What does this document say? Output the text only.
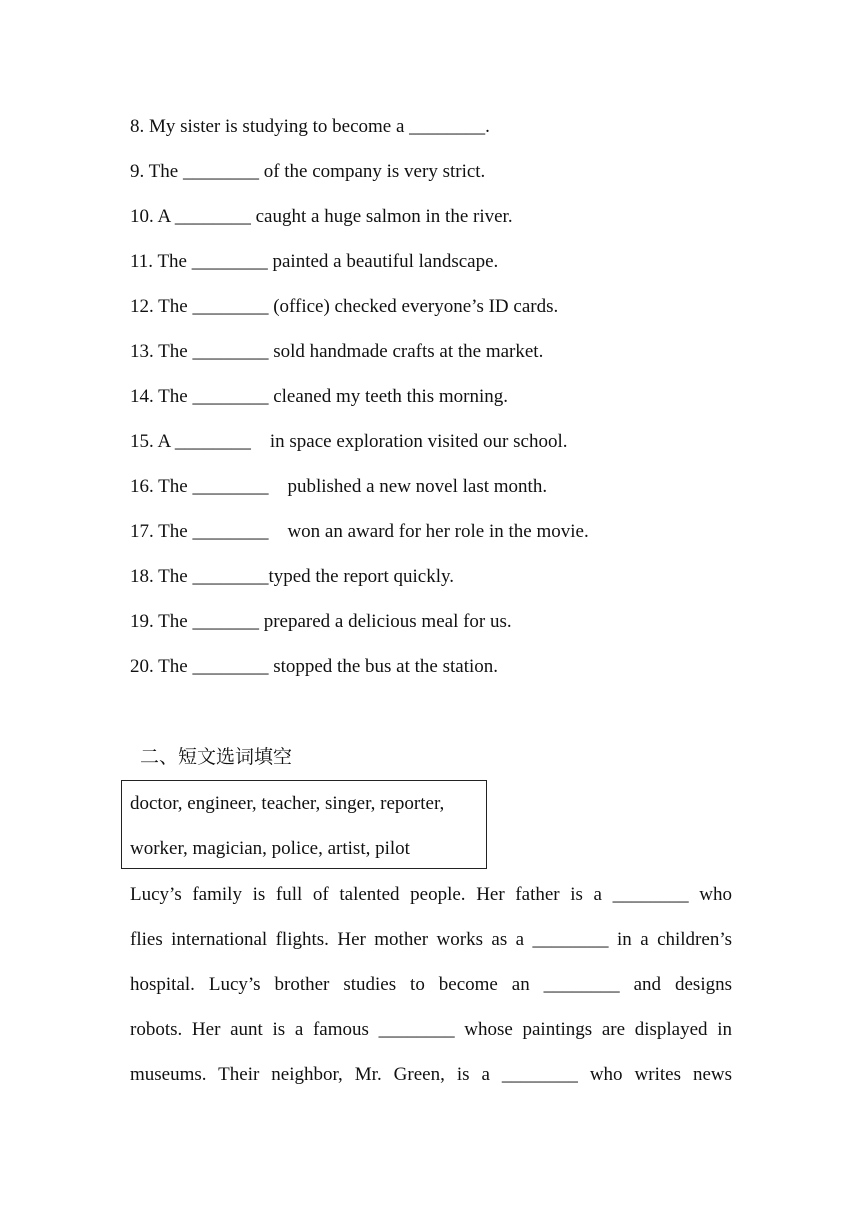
8. My sister is studying to become a ________.
9. The ________ of the company is very strict.
10. A ________ caught a huge salmon in the river.
11. The ________ painted a beautiful landscape.
12. The ________ (office) checked everyone’s ID cards.
13. The ________ sold handmade crafts at the market.
14. The ________ cleaned my teeth this morning.
15. A ________    in space exploration visited our school.
16. The ________    published a new novel last month.
17. The ________    won an award for her role in the movie.
18. The ________typed the report quickly.
19. The _______ prepared a delicious meal for us.
20. The ________ stopped the bus at the station.
二、短文选词填空
doctor, engineer, teacher, singer, reporter,
worker, magician, police, artist, pilot
Lucy’s family is full of talented people. Her father is a ________ who
flies international flights. Her mother works as a ________ in a children’s
hospital. Lucy’s brother studies to become an ________ and designs
robots. Her aunt is a famous ________ whose paintings are displayed in
museums. Their neighbor, Mr. Green, is a ________ who writes news
